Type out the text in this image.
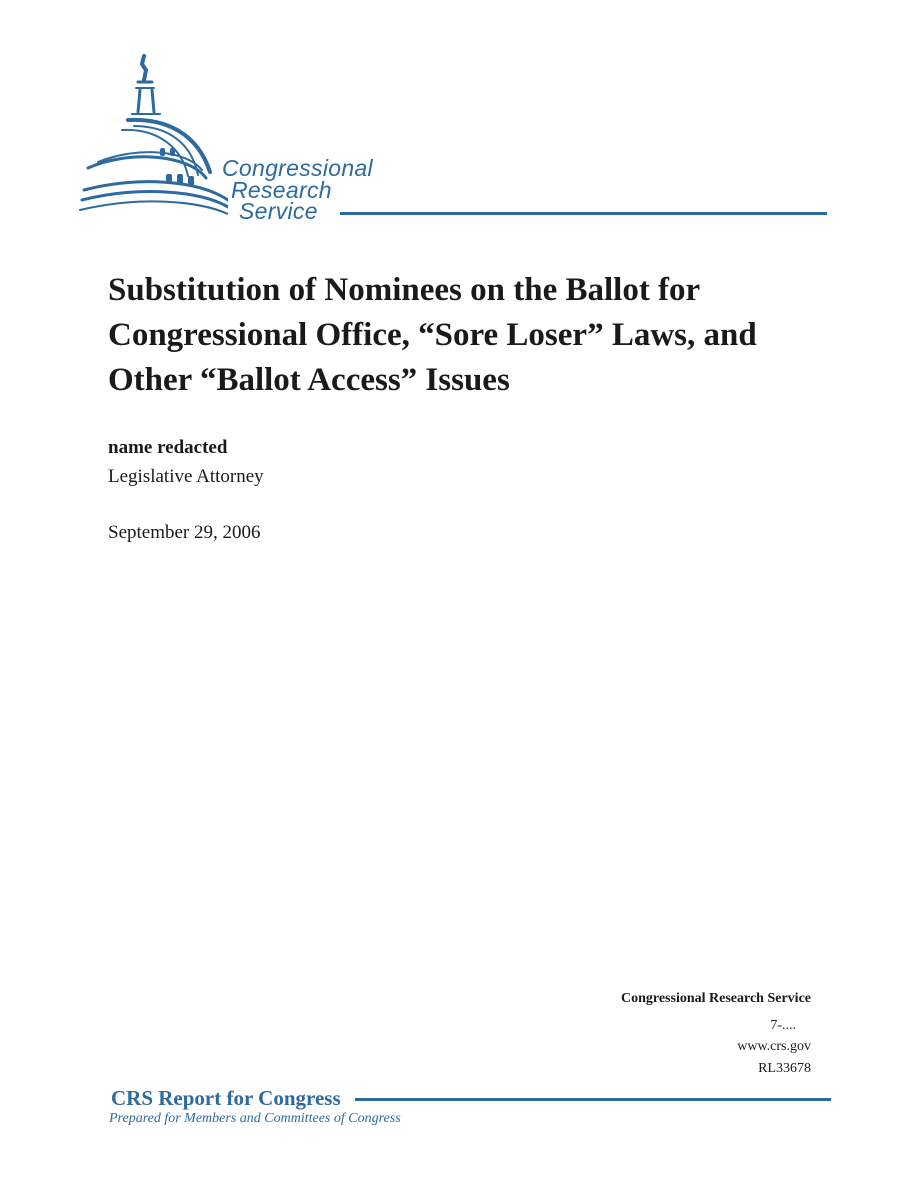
Congressional
Research
Service
Substitution of Nominees on the Ballot for
Congressional Office, “Sore Loser” Laws, and
Other “Ballot Access” Issues
name redacted
Legislative Attorney
September 29, 2006
Congressional Research Service
7-....
www.crs.gov
RL33678
CRS Report for Congress
Prepared for Members and Committees of Congress
